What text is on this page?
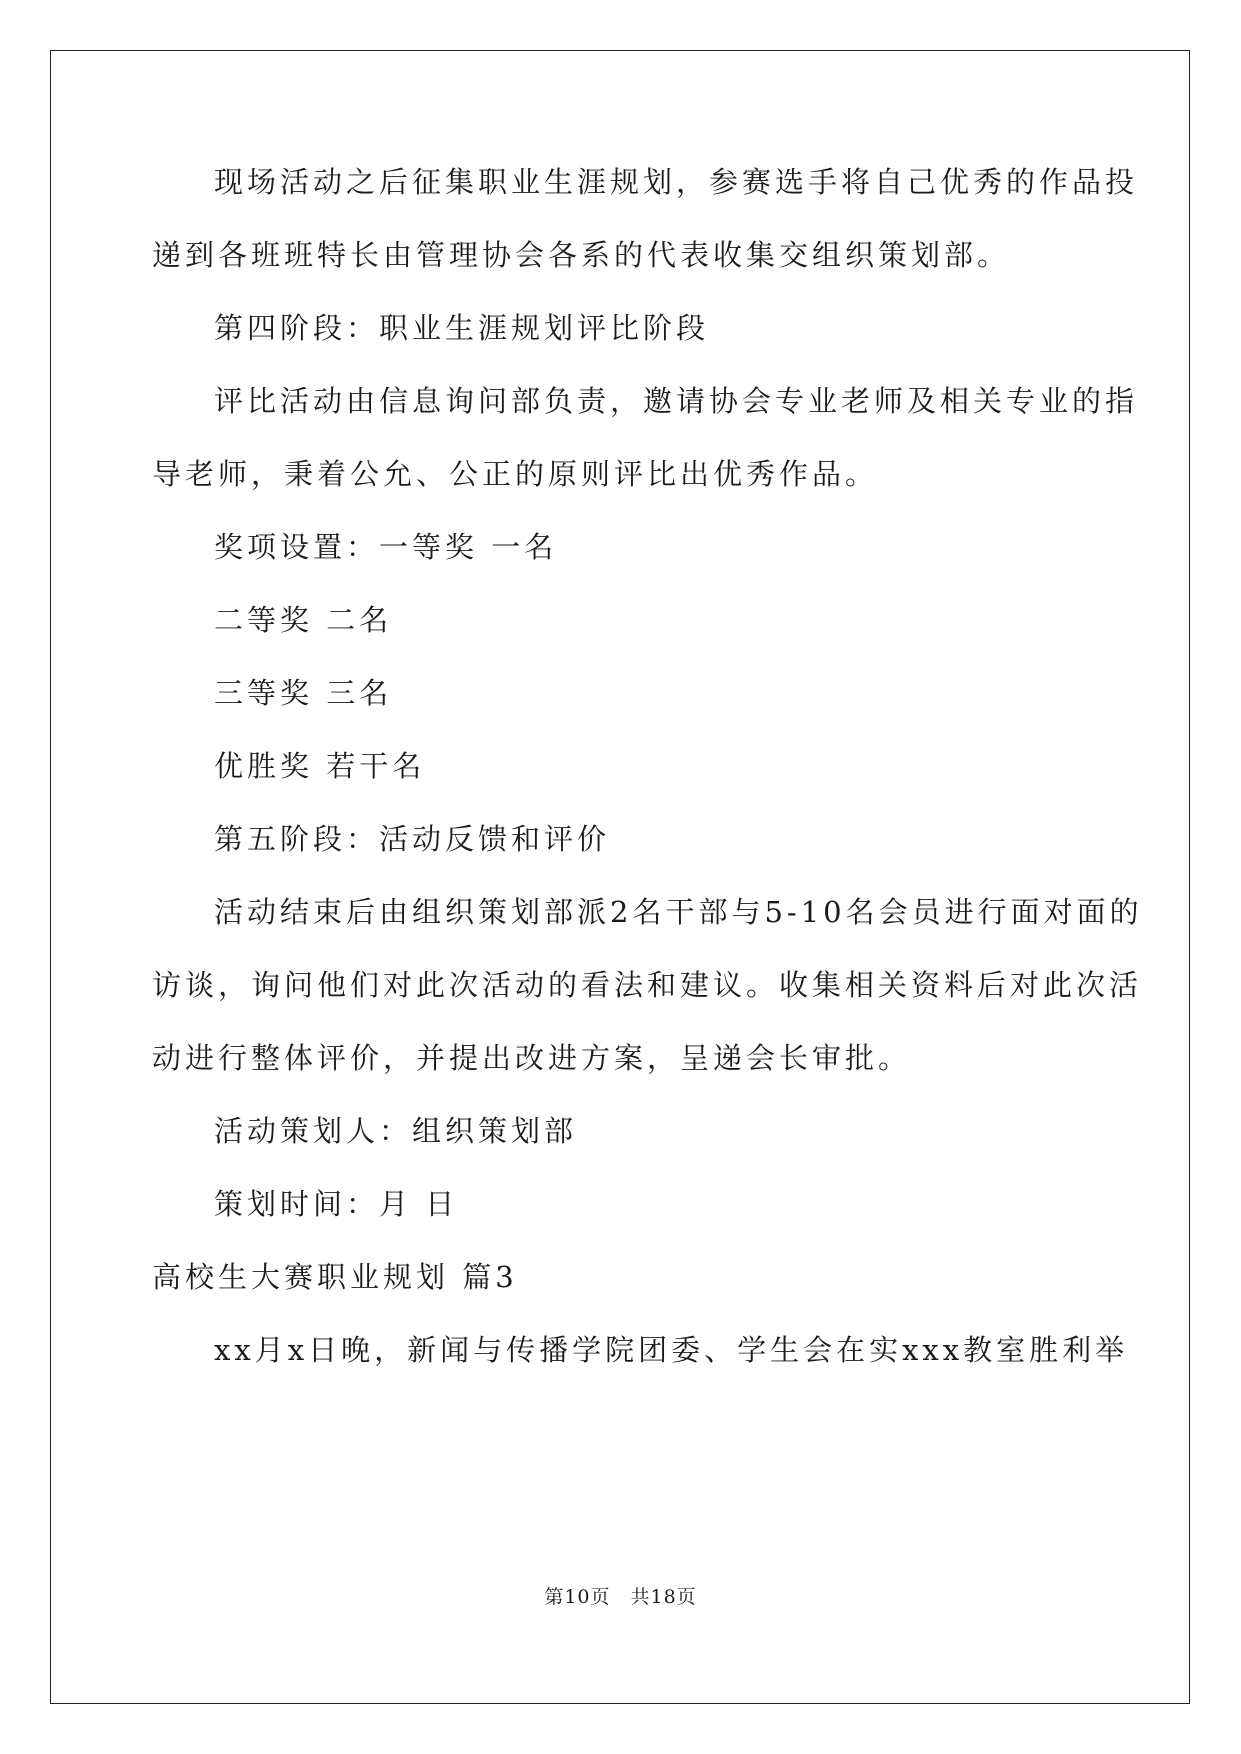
现场活动之后征集职业生涯规划，参赛选手将自己优秀的作品投
递到各班班特长由管理协会各系的代表收集交组织策划部。
第四阶段：职业生涯规划评比阶段
评比活动由信息询问部负责，邀请协会专业老师及相关专业的指
导老师，秉着公允、公正的原则评比出优秀作品。
奖项设置：一等奖 一名
二等奖 二名
三等奖 三名
优胜奖 若干名
第五阶段：活动反馈和评价
活动结束后由组织策划部派2名干部与5-10名会员进行面对面的
访谈，询问他们对此次活动的看法和建议。收集相关资料后对此次活
动进行整体评价，并提出改进方案，呈递会长审批。
活动策划人：组织策划部
策划时间：月 日
高校生大赛职业规划 篇3
xx月x日晚，新闻与传播学院团委、学生会在实xxx教室胜利举
第10页　共18页
